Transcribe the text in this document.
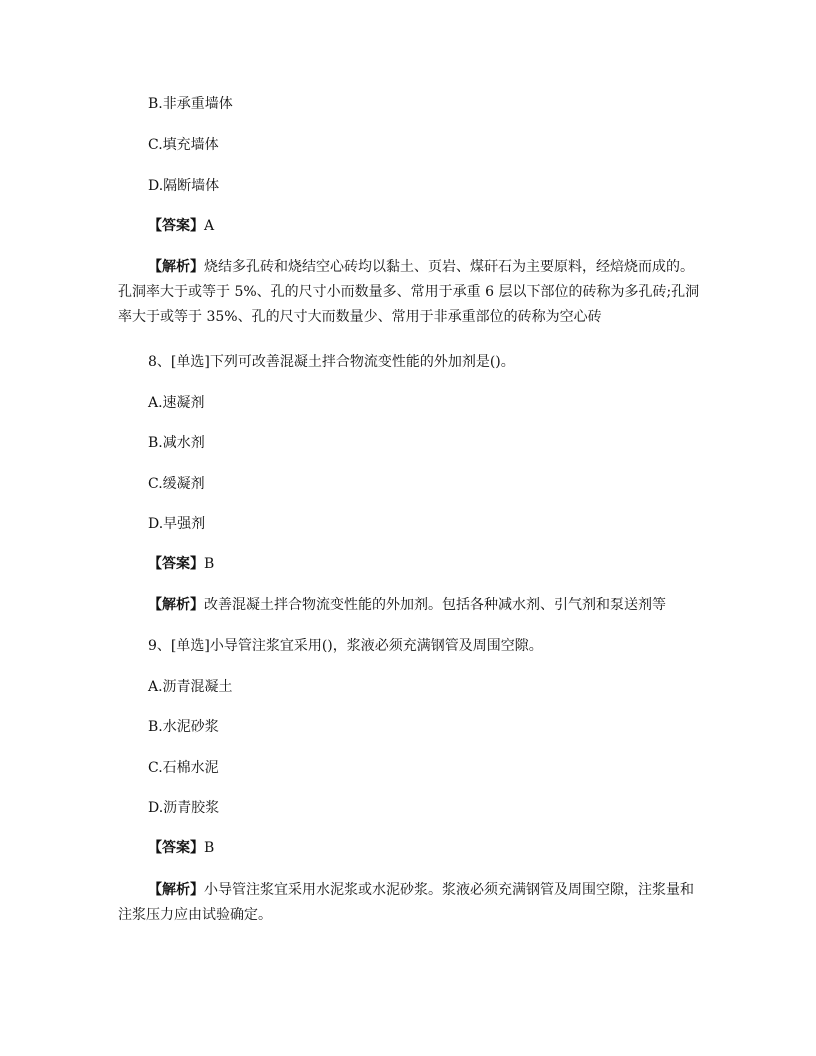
B.非承重墙体
C.填充墙体
D.隔断墙体
【答案】A
【解析】烧结多孔砖和烧结空心砖均以黏土、页岩、煤矸石为主要原料，经焙烧而成的。孔洞率大于或等于 5%、孔的尺寸小而数量多、常用于承重 6 层以下部位的砖称为多孔砖;孔洞率大于或等于 35%、孔的尺寸大而数量少、常用于非承重部位的砖称为空心砖
8、[单选]下列可改善混凝土拌合物流变性能的外加剂是()。
A.速凝剂
B.减水剂
C.缓凝剂
D.早强剂
【答案】B
【解析】改善混凝土拌合物流变性能的外加剂。包括各种减水剂、引气剂和泵送剂等
9、[单选]小导管注浆宜采用()，浆液必须充满钢管及周围空隙。
A.沥青混凝土
B.水泥砂浆
C.石棉水泥
D.沥青胶浆
【答案】B
【解析】小导管注浆宜采用水泥浆或水泥砂浆。浆液必须充满钢管及周围空隙，注浆量和注浆压力应由试验确定。
